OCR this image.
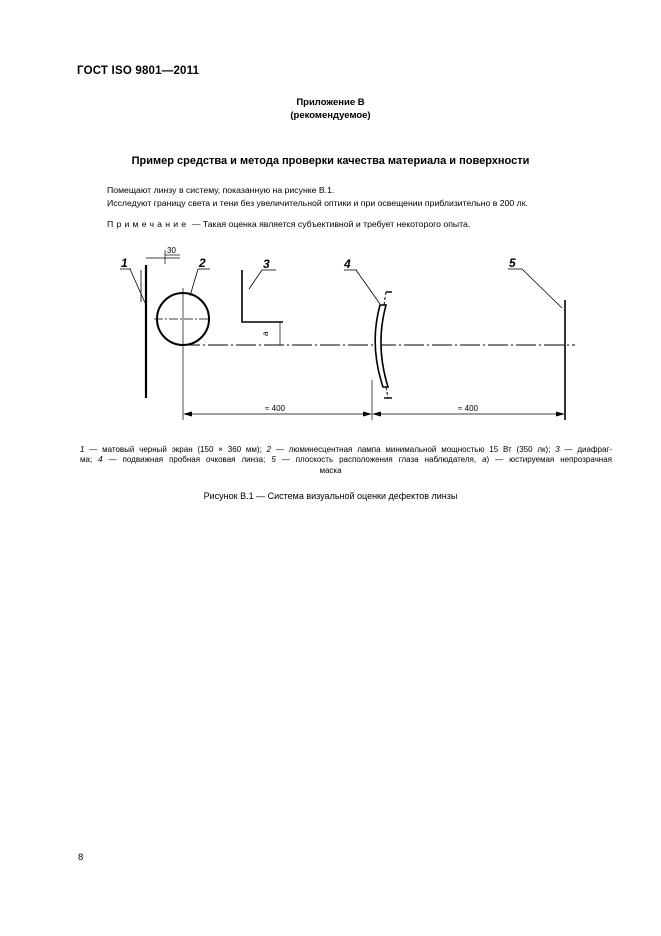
ГОСТ ISO 9801—2011
Приложение В
(рекомендуемое)
Пример средства и метода проверки качества материала и поверхности
Помещают линзу в систему, показанную на рисунке В.1.
Исследуют границу света и тени без увеличительной оптики и при освещении приблизительно в 200 лк.
Примечание — Такая оценка является субъективной и требует некоторого опыта.
1	2	3	4	5
30
a
≈ 400	≈ 400
1 — матовый черный экран (150 × 360 мм); 2 — люминесцентная лампа минимальной мощностью 15 Вт (350 лк); 3 — диафраг-
ма; 4 — подвижная пробная очковая линза; 5 — плоскость расположения глаза наблюдателя, а) — юстируемая непрозрачная
маска
Рисунок В.1 — Система визуальной оценки дефектов линзы
8
